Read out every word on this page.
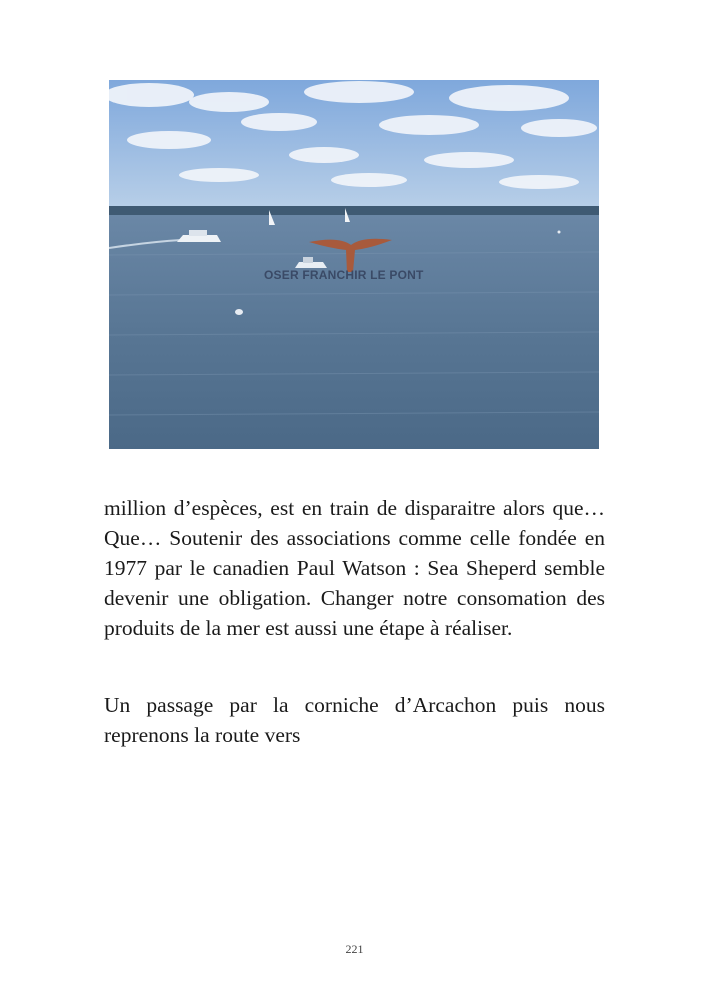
OSER FRANCHIR LE PONT

million d’espèces, est en train de disparaitre alors que… Que… Soutenir des associations comme celle fondée en 1977 par le canadien Paul Watson : Sea Sheperd semble devenir une obligation. Changer notre consomation des produits de la mer est aussi une étape à réaliser.

Un passage par la corniche d’Arcachon puis nous reprenons la route vers

221
